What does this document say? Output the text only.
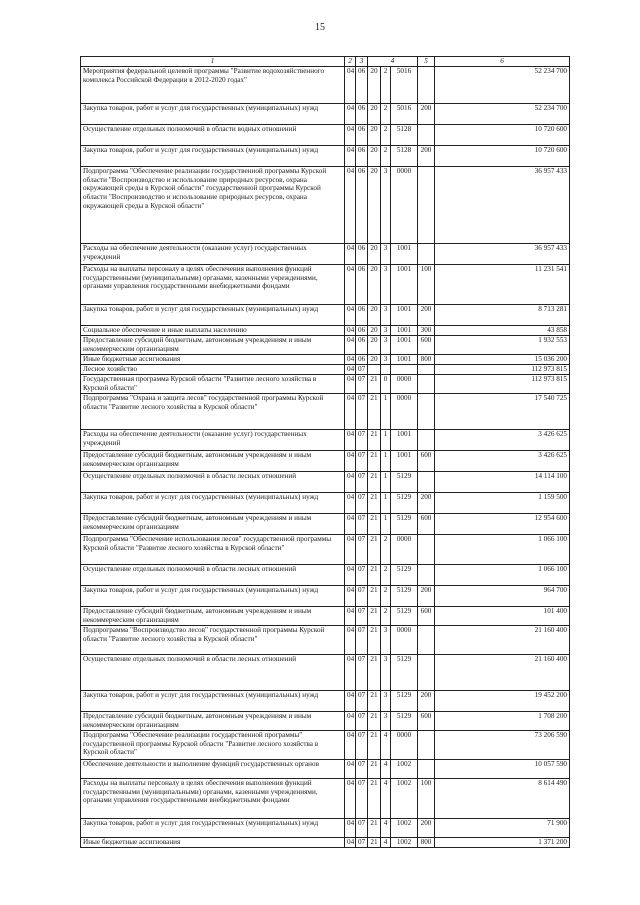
15
1	2	3	4			5	6
Мероприятия федеральной целевой программы "Развитие водохозяйственного комплекса Российской Федерации в 2012-2020 годах"	04	06	20	2	5016		52 234 700
Закупка товаров, работ и услуг для государственных (муниципальных) нужд	04	06	20	2	5016	200	52 234 700
Осуществление отдельных полномочий в области водных отношений	04	06	20	2	5128		10 720 600
Закупка товаров, работ и услуг для государственных (муниципальных) нужд	04	06	20	2	5128	200	10 720 600
Подпрограмма "Обеспечение реализации государственной программы Курской области "Воспроизводство и использование природных ресурсов, охрана окружающей среды в Курской области" государственной программы Курской области "Воспроизводство и использование природных ресурсов, охрана окружающей среды в Курской области"	04	06	20	3	0000		36 957 433
Расходы на обеспечение деятельности (оказание услуг) государственных учреждений	04	06	20	3	1001		36 957 433
Расходы на выплаты персоналу в целях обеспечения выполнения функций государственными (муниципальными) органами, казенными учреждениями, органами управления государственными внебюджетными фондами	04	06	20	3	1001	100	11 231 541
Закупка товаров, работ и услуг для государственных (муниципальных) нужд	04	06	20	3	1001	200	8 713 281
Социальное обеспечение и иные выплаты населению	04	06	20	3	1001	300	43 858
Предоставление субсидий бюджетным, автономным учреждениям и иным некоммерческим организациям	04	06	20	3	1001	600	1 932 553
Иные бюджетные ассигнования	04	06	20	3	1001	800	15 036 200
Лесное хозяйство	04	07					112 973 815
Государственная программа Курской области "Развитие лесного хозяйства в Курской области"	04	07	21	0	0000		112 973 815
Подпрограмма "Охрана и защита лесов" государственной программы Курской области "Развитие лесного хозяйства в Курской области"	04	07	21	1	0000		17 540 725
Расходы на обеспечение деятельности (оказание услуг) государственных учреждений	04	07	21	1	1001		3 426 625
Предоставление субсидий бюджетным, автономным учреждениям и иным некоммерческим организациям	04	07	21	1	1001	600	3 426 625
Осуществление отдельных полномочий в области лесных отношений	04	07	21	1	5129		14 114 100
Закупка товаров, работ и услуг для государственных (муниципальных) нужд	04	07	21	1	5129	200	1 159 500
Предоставление субсидий бюджетным, автономным учреждениям и иным некоммерческим организациям	04	07	21	1	5129	600	12 954 600
Подпрограмма "Обеспечение использования лесов" государственной программы Курской области "Развитие лесного хозяйства в Курской области"	04	07	21	2	0000		1 066 100
Осуществление отдельных полномочий в области лесных отношений	04	07	21	2	5129		1 066 100
Закупка товаров, работ и услуг для государственных (муниципальных) нужд	04	07	21	2	5129	200	964 700
Предоставление субсидий бюджетным, автономным учреждениям и иным некоммерческим организациям	04	07	21	2	5129	600	101 400
Подпрограмма "Воспроизводство лесов" государственной программы Курской области "Развитие лесного хозяйства в Курской области"	04	07	21	3	0000		21 160 400
Осуществление отдельных полномочий в области лесных отношений	04	07	21	3	5129		21 160 400
Закупка товаров, работ и услуг для государственных (муниципальных) нужд	04	07	21	3	5129	200	19 452 200
Предоставление субсидий бюджетным, автономным учреждениям и иным некоммерческим организациям	04	07	21	3	5129	600	1 708 200
Подпрограмма "Обеспечение реализации государственной программы" государственной программы Курской области "Развитие лесного хозяйства в Курской области"	04	07	21	4	0000		73 206 590
Обеспечение деятельности и выполнение функций государственных органов	04	07	21	4	1002		10 057 590
Расходы на выплаты персоналу в целях обеспечения выполнения функций государственными (муниципальными) органами, казенными учреждениями, органами управления государственными внебюджетными фондами	04	07	21	4	1002	100	8 614 490
Закупка товаров, работ и услуг для государственных (муниципальных) нужд	04	07	21	4	1002	200	71 900
Иные бюджетные ассигнования	04	07	21	4	1002	800	1 371 200
